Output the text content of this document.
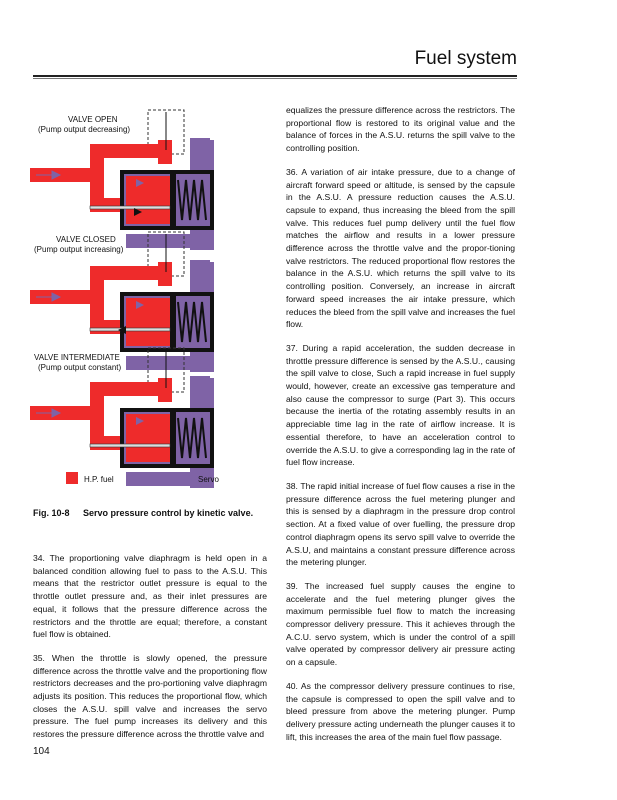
Fuel system
VALVE OPEN
(Pump output decreasing)
VALVE CLOSED
(Pump output increasing)
VALVE INTERMEDIATE
(Pump output constant)
H.P. fuel	Servo
Fig. 10-8 Servo pressure control by kinetic valve.

34. The proportioning valve diaphragm is held open in a balanced condition allowing fuel to pass to the A.S.U. This means that the restrictor outlet pressure is equal to the throttle outlet pressure and, as their inlet pressures are equal, it follows that the pressure difference across the restrictors and the throttle are equal; therefore, a constant fuel flow is obtained.

35. When the throttle is slowly opened, the pressure difference across the throttle valve and the proportioning flow restrictors decreases and the pro-portioning valve diaphragm adjusts its position. This reduces the proportional flow, which closes the A.S.U. spill valve and increases the servo pressure. The fuel pump increases its delivery and this restores the pressure difference across the throttle valve and

equalizes the pressure difference across the restrictors. The proportional flow is restored to its original value and the balance of forces in the A.S.U. returns the spill valve to the controlling position.

36. A variation of air intake pressure, due to a change of aircraft forward speed or altitude, is sensed by the capsule in the A.S.U. A pressure reduction causes the A.S.U. capsule to expand, thus increasing the bleed from the spill valve. This reduces fuel pump delivery until the fuel flow matches the airflow and results in a lower pressure difference across the throttle valve and the propor-tioning valve restrictors. The reduced proportional flow restores the balance in the A.S.U. which returns the spill valve to its controlling position. Conversely, an increase in aircraft forward speed increases the air intake pressure, which reduces the bleed from the spill valve and increases the fuel flow.

37. During a rapid acceleration, the sudden decrease in throttle pressure difference is sensed by the A.S.U., causing the spill valve to close, Such a rapid increase in fuel supply would, however, create an excessive gas temperature and also cause the compressor to surge (Part 3). This occurs because the inertia of the rotating assembly results in an appreciable time lag in the rate of airflow increase. It is essential therefore, to have an acceleration control to override the A.S.U. to give a corresponding lag in the rate of fuel flow increase.

38. The rapid initial increase of fuel flow causes a rise in the pressure difference across the fuel metering plunger and this is sensed by a diaphragm in the pressure drop control section. At a fixed value of over fuelling, the pressure drop control diaphragm opens its servo spill valve to override the A.S.U, and maintains a constant pressure difference across the metering plunger.

39. The increased fuel supply causes the engine to accelerate and the fuel metering plunger gives the maximum permissible fuel flow to match the increasing compressor delivery pressure. This it achieves through the A.C.U. servo system, which is under the control of a spill valve operated by compressor delivery air pressure acting on a capsule.

40. As the compressor delivery pressure continues to rise, the capsule is compressed to open the spill valve and to bleed pressure from above the metering plunger. Pump delivery pressure acting underneath the plunger causes it to lift, this increases the area of the main fuel flow passage.

104
